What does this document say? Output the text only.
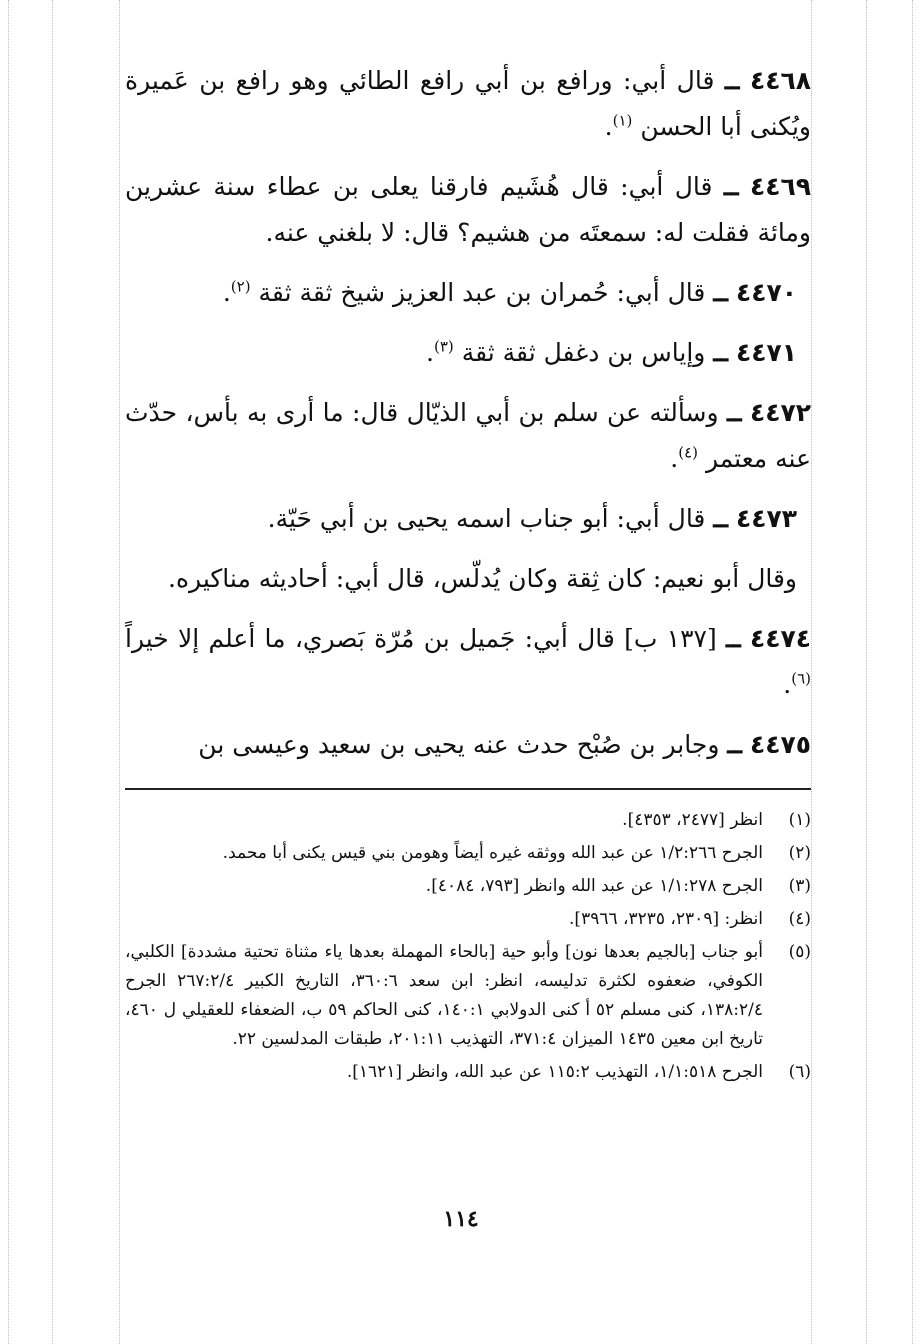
٤٤٦٨ ــ قال أبي: ورافع بن أبي رافع الطائي وهو رافع بن عَميرة ويُكنى أبا الحسن $^{(١)}$.
٤٤٦٩ ــ قال أبي: قال هُشَيم فارقنا يعلى بن عطاء سنة عشرين ومائة فقلت له: سمعتَه من هشيم؟ قال: لا بلغني عنه.
٤٤٧٠ ــ قال أبي: حُمران بن عبد العزيز شيخ ثقة ثقة $^{(٢)}$.
٤٤٧١ ــ وإياس بن دغفل ثقة ثقة $^{(٣)}$.
٤٤٧٢ ــ وسألته عن سلم بن أبي الذيّال قال: ما أرى به بأس، حدّث عنه معتمر $^{(٤)}$.
٤٤٧٣ ــ قال أبي: أبو جناب اسمه يحيى بن أبي حَيّة.
وقال أبو نعيم: كان ثِقة وكان يُدلّس، قال أبي: أحاديثه مناكيره.
٤٤٧٤ ــ [١٣٧ ب] قال أبي: جَميل بن مُرّة بَصري، ما أعلم إلا خيراً $^{(٦)}$.
٤٤٧٥ ــ وجابر بن صُبْح حدث عنه يحيى بن سعيد وعيسى بن
(١)
انظر [٢٤٧٧، ٤٣٥٣].
(٢)
الجرح ١/٢:٢٦٦ عن عبد الله ووثقه غيره أيضاً وهومن بني قيس يكنى أبا محمد.
(٣)
الجرح ١/١:٢٧٨ عن عبد الله وانظر [٧٩٣، ٤٠٨٤].
(٤)
انظر: [٢٣٠٩، ٣٢٣٥، ٣٩٦٦].
(٥)
أبو جناب [بالجيم بعدها نون] وأبو حية [بالحاء المهملة بعدها ياء مثناة تحتية مشددة] الكلبي، الكوفي، ضعفوه لكثرة تدليسه، انظر: ابن سعد ٣٦٠:٦، التاريخ الكبير ٢٦٧:٢/٤ الجرح ١٣٨:٢/٤، كنى مسلم ٥٢ أ كنى الدولابي ١٤٠:١، كنى الحاكم ٥٩ ب، الضعفاء للعقيلي ل ٤٦٠، تاريخ ابن معين ١٤٣٥ الميزان ٣٧١:٤، التهذيب ٢٠١:١١، طبقات المدلسين ٢٢.
(٦)
الجرح ١/١:٥١٨، التهذيب ١١٥:٢ عن عبد الله، وانظر [١٦٢١].
١١٤
